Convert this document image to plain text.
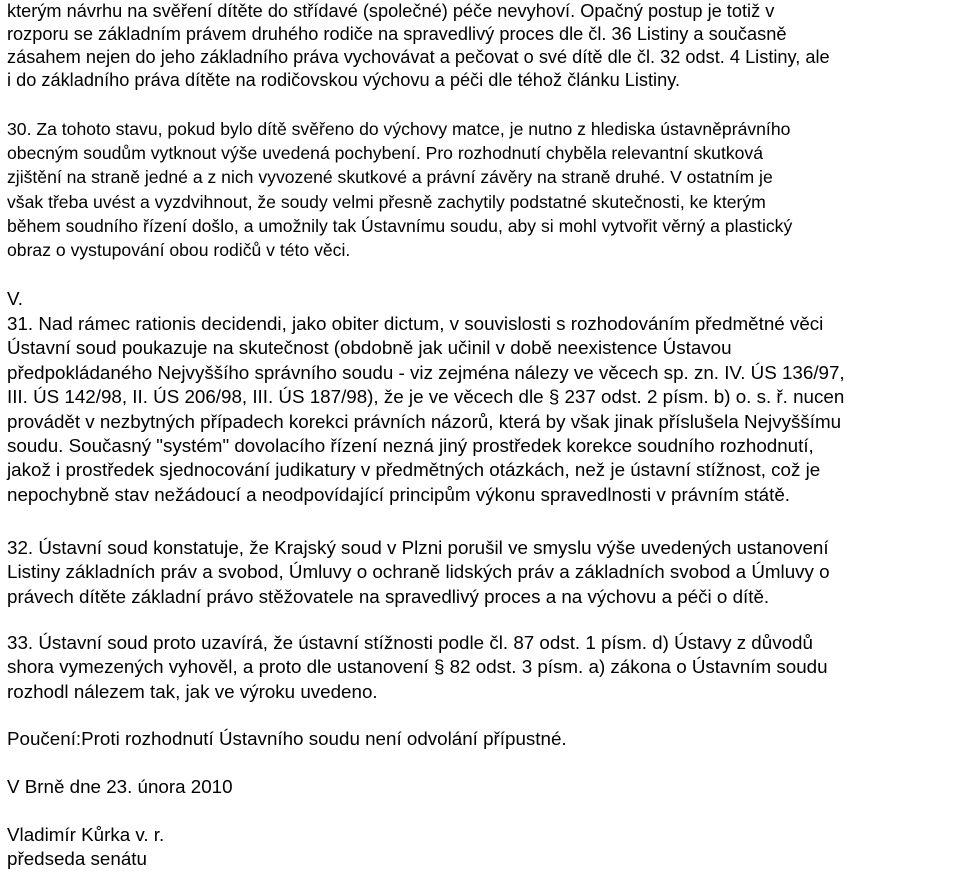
kterým návrhu na svěření dítěte do střídavé (společné) péče nevyhoví. Opačný postup je totiž v

rozporu se základním právem druhého rodiče na spravedlivý proces dle čl. 36 Listiny a současně

zásahem nejen do jeho základního práva vychovávat a pečovat o své dítě dle čl. 32 odst. 4 Listiny, ale

i do základního práva dítěte na rodičovskou výchovu a péči dle téhož článku Listiny.

30. Za tohoto stavu, pokud bylo dítě svěřeno do výchovy matce, je nutno z hlediska ústavněprávního

obecným soudům vytknout výše uvedená pochybení. Pro rozhodnutí chyběla relevantní skutková

zjištění na straně jedné a z nich vyvozené skutkové a právní závěry na straně druhé. V ostatním je

však třeba uvést a vyzdvihnout, že soudy velmi přesně zachytily podstatné skutečnosti, ke kterým

během soudního řízení došlo, a umožnily tak Ústavnímu soudu, aby si mohl vytvořit věrný a plastický

obraz o vystupování obou rodičů v této věci.

V.

31. Nad rámec rationis decidendi, jako obiter dictum, v souvislosti s rozhodováním předmětné věci

Ústavní soud poukazuje na skutečnost (obdobně jak učinil v době neexistence Ústavou

předpokládaného Nejvyššího správního soudu - viz zejména nálezy ve věcech sp. zn. IV. ÚS 136/97,

III. ÚS 142/98, II. ÚS 206/98, III. ÚS 187/98), že je ve věcech dle § 237 odst. 2 písm. b) o. s. ř. nucen

provádět v nezbytných případech korekci právních názorů, která by však jinak příslušela Nejvyššímu

soudu. Současný "systém" dovolacího řízení nezná jiný prostředek korekce soudního rozhodnutí,

jakož i prostředek sjednocování judikatury v předmětných otázkách, než je ústavní stížnost, což je

nepochybně stav nežádoucí a neodpovídající principům výkonu spravedlnosti v právním státě.

32. Ústavní soud konstatuje, že Krajský soud v Plzni porušil ve smyslu výše uvedených ustanovení

Listiny základních práv a svobod, Úmluvy o ochraně lidských práv a základních svobod a Úmluvy o

právech dítěte základní právo stěžovatele na spravedlivý proces a na výchovu a péči o dítě.

33. Ústavní soud proto uzavírá, že ústavní stížnosti podle čl. 87 odst. 1 písm. d) Ústavy z důvodů

shora vymezených vyhověl, a proto dle ustanovení § 82 odst. 3 písm. a) zákona o Ústavním soudu

rozhodl nálezem tak, jak ve výroku uvedeno.

Poučení:Proti rozhodnutí Ústavního soudu není odvolání přípustné.

V Brně dne 23. února 2010

Vladimír Kůrka v. r.

předseda senátu
